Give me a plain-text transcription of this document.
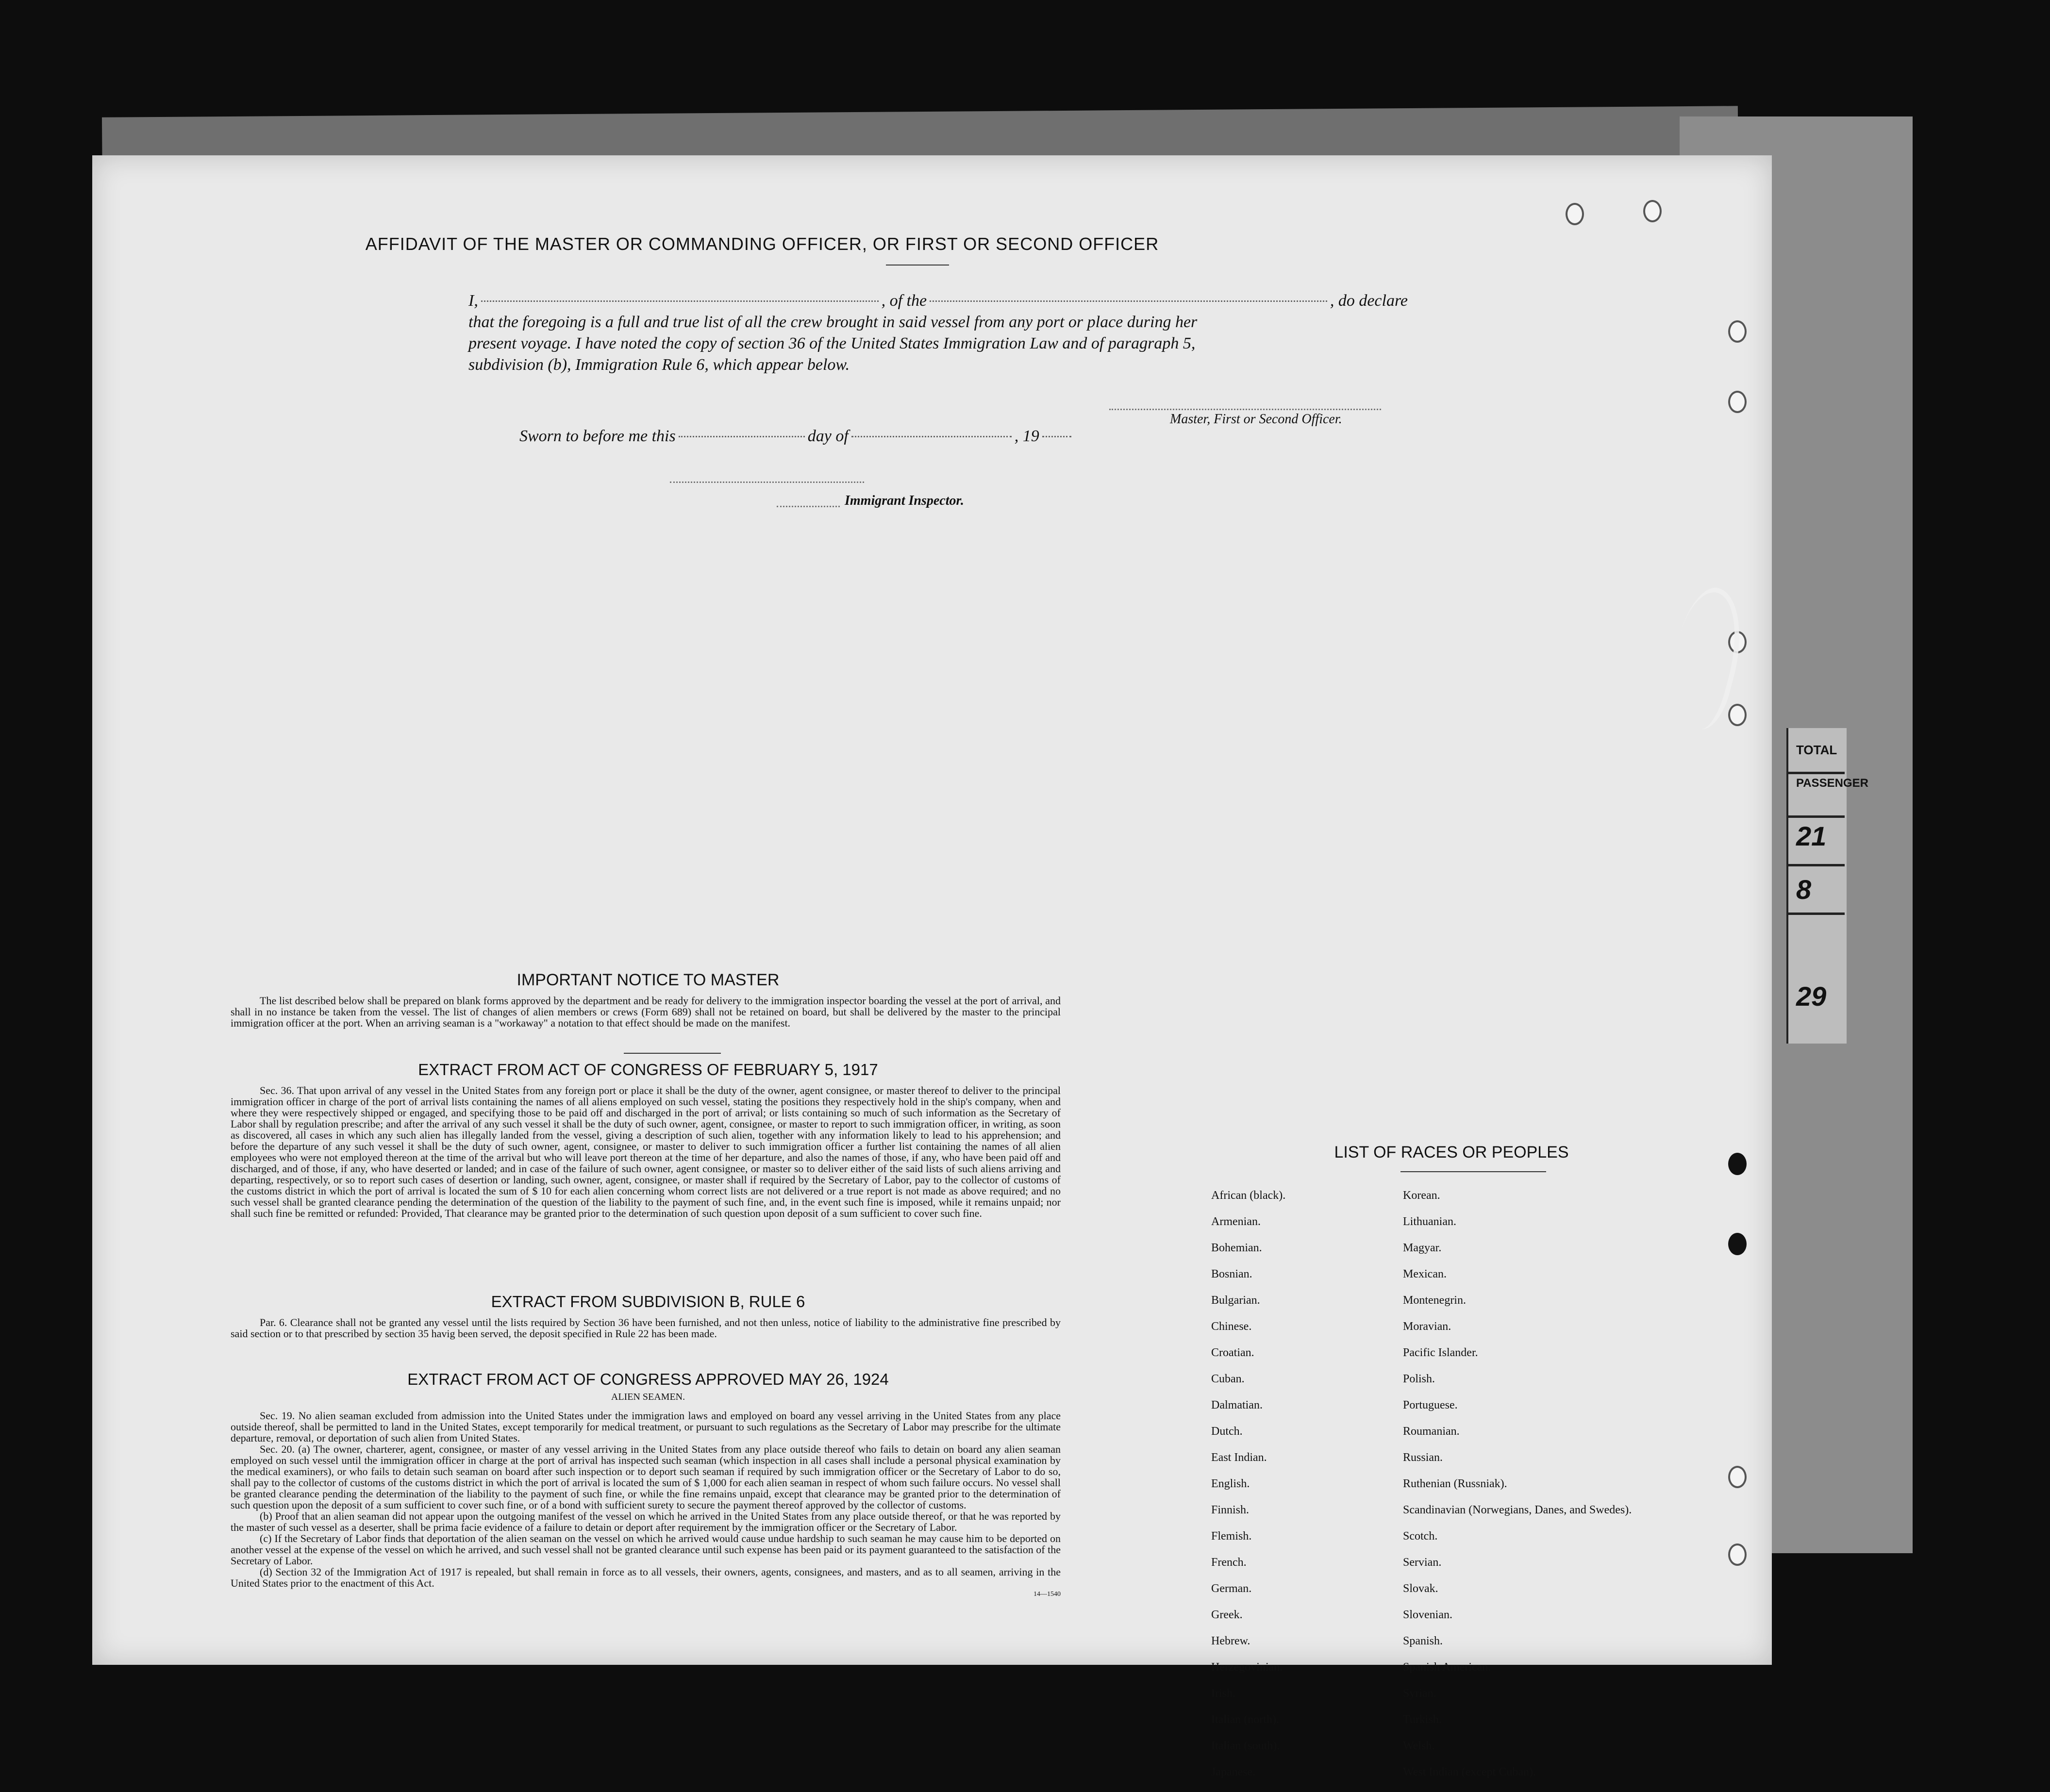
TOTAL
PASSENGER
21
8
29
AFFIDAVIT OF THE MASTER OR COMMANDING OFFICER, OR FIRST OR SECOND OFFICER
I,	, of the	, do declare
that the foregoing is a full and true list of all the crew brought in said vessel from any port or place during her
present voyage. I have noted the copy of section 36 of the United States Immigration Law and of paragraph 5,
subdivision (b), Immigration Rule 6, which appear below.
Master, First or Second Officer.
Sworn to before me this	day of	, 19
Immigrant Inspector.
IMPORTANT NOTICE TO MASTER

The list described below shall be prepared on blank forms approved by the department and be ready for delivery to the immigration inspector boarding the vessel at the port of arrival, and shall in no instance be taken from the vessel. The list of changes of alien members or crews (Form 689) shall not be retained on board, but shall be delivered by the master to the principal immigration officer at the port. When an arriving seaman is a "workaway" a notation to that effect should be made on the manifest.

EXTRACT FROM ACT OF CONGRESS OF FEBRUARY 5, 1917

Sec. 36. That upon arrival of any vessel in the United States from any foreign port or place it shall be the duty of the owner, agent consignee, or master thereof to deliver to the principal immigration officer in charge of the port of arrival lists containing the names of all aliens employed on such vessel, stating the positions they respectively hold in the ship's company, when and where they were respectively shipped or engaged, and specifying those to be paid off and discharged in the port of arrival; or lists containing so much of such information as the Secretary of Labor shall by regulation prescribe; and after the arrival of any such vessel it shall be the duty of such owner, agent, consignee, or master to report to such immigration officer, in writing, as soon as discovered, all cases in which any such alien has illegally landed from the vessel, giving a description of such alien, together with any information likely to lead to his apprehension; and before the departure of any such vessel it shall be the duty of such owner, agent, consignee, or master to deliver to such immigration officer a further list containing the names of all alien employees who were not employed thereon at the time of the arrival but who will leave port thereon at the time of her departure, and also the names of those, if any, who have been paid off and discharged, and of those, if any, who have deserted or landed; and in case of the failure of such owner, agent consignee, or master so to deliver either of the said lists of such aliens arriving and departing, respectively, or so to report such cases of desertion or landing, such owner, agent, consignee, or master shall if required by the Secretary of Labor, pay to the collector of customs of the customs district in which the port of arrival is located the sum of $ 10 for each alien concerning whom correct lists are not delivered or a true report is not made as above required; and no such vessel shall be granted clearance pending the determination of the question of the liability to the payment of such fine, and, in the event such fine is imposed, while it remains unpaid; nor shall such fine be remitted or refunded: Provided, That clearance may be granted prior to the determination of such question upon deposit of a sum sufficient to cover such fine.

EXTRACT FROM SUBDIVISION B, RULE 6

Par. 6. Clearance shall not be granted any vessel until the lists required by Section 36 have been furnished, and not then unless, notice of liability to the administrative fine prescribed by said section or to that prescribed by section 35 havig been served, the deposit specified in Rule 22 has been made.

EXTRACT FROM ACT OF CONGRESS APPROVED MAY 26, 1924
ALIEN SEAMEN.

Sec. 19. No alien seaman excluded from admission into the United States under the immigration laws and employed on board any vessel arriving in the United States from any place outside thereof, shall be permitted to land in the United States, except temporarily for medical treatment, or pursuant to such regulations as the Secretary of Labor may prescribe for the ultimate departure, removal, or deportation of such alien from United States.

Sec. 20. (a) The owner, charterer, agent, consignee, or master of any vessel arriving in the United States from any place outside thereof who fails to detain on board any alien seaman employed on such vessel until the immigration officer in charge at the port of arrival has inspected such seaman (which inspection in all cases shall include a personal physical examination by the medical examiners), or who fails to detain such seaman on board after such inspection or to deport such seaman if required by such immigration officer or the Secretary of Labor to do so, shall pay to the collector of customs of the customs district in which the port of arrival is located the sum of $ 1,000 for each alien seaman in respect of whom such failure occurs. No vessel shall be granted clearance pending the determination of the liability to the payment of such fine, or while the fine remains unpaid, except that clearance may be granted prior to the determination of such question upon the deposit of a sum sufficient to cover such fine, or of a bond with sufficient surety to secure the payment thereof approved by the collector of customs.

(b) Proof that an alien seaman did not appear upon the outgoing manifest of the vessel on which he arrived in the United States from any place outside thereof, or that he was reported by the master of such vessel as a deserter, shall be prima facie evidence of a failure to detain or deport after requirement by the immigration officer or the Secretary of Labor.

(c) If the Secretary of Labor finds that deportation of the alien seaman on the vessel on which he arrived would cause undue hardship to such seaman he may cause him to be deported on another vessel at the expense of the vessel on which he arrived, and such vessel shall not be granted clearance until such expense has been paid or its payment guaranteed to the satisfaction of the Secretary of Labor.

(d) Section 32 of the Immigration Act of 1917 is repealed, but shall remain in force as to all vessels, their owners, agents, consignees, and masters, and as to all seamen, arriving in the United States prior to the enactment of this Act.

14—1540
LIST OF RACES OR PEOPLES
African (black).	Korean.
Armenian.	Lithuanian.
Bohemian.	Magyar.
Bosnian.	Mexican.
Bulgarian.	Montenegrin.
Chinese.	Moravian.
Croatian.	Pacific Islander.
Cuban.	Polish.
Dalmatian.	Portuguese.
Dutch.	Roumanian.
East Indian.	Russian.
English.	Ruthenian (Russniak).
Finnish.	Scandinavian (Norwegians, Danes, and Swedes).
Flemish.	Scotch.
French.	Servian.
German.	Slovak.
Greek.	Slovenian.
Hebrew.	Spanish.
Herzegovinian.	Spanish American.
Irish.	Syrian.
Italian (north).	Turkish.
Italian (south).	Welsh.
Japanese.	West Indian (except Cuban).
